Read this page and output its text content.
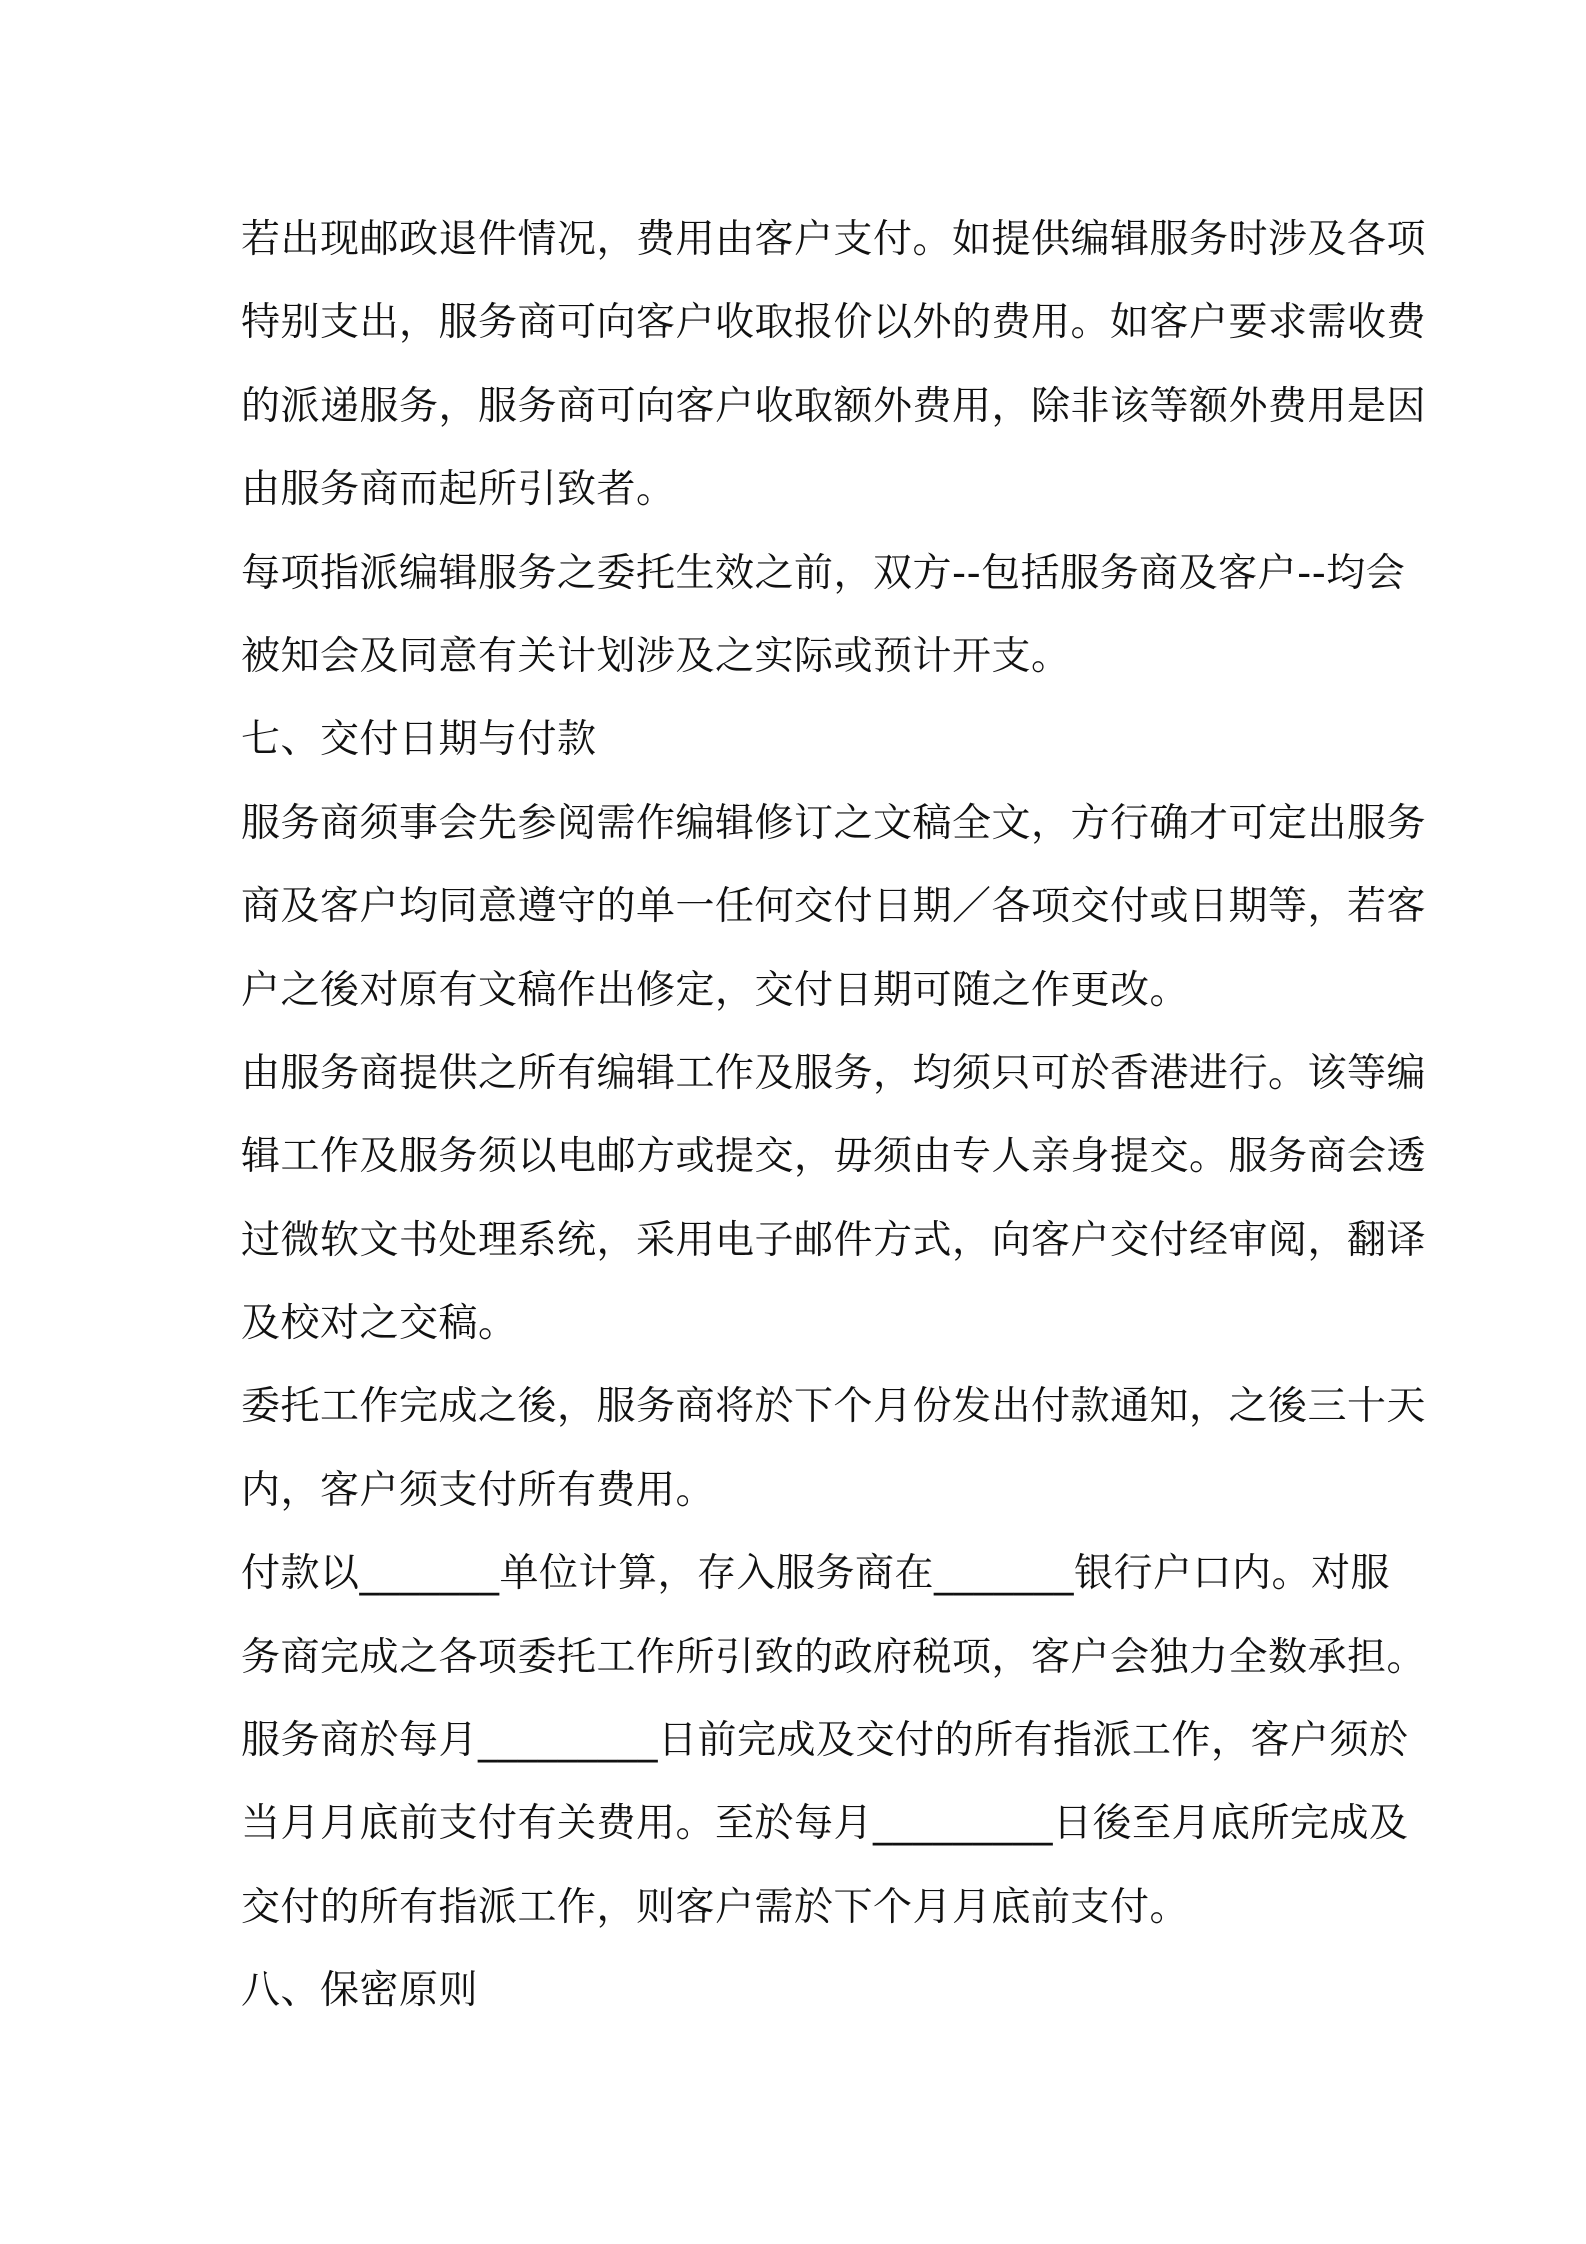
若出现邮政退件情况，费用由客户支付。如提供编辑服务时涉及各项
特别支出，服务商可向客户收取报价以外的费用。如客户要求需收费
的派递服务，服务商可向客户收取额外费用，除非该等额外费用是因
由服务商而起所引致者。
每项指派编辑服务之委托生效之前，双方--包括服务商及客户--均会
被知会及同意有关计划涉及之实际或预计开支。
七、交付日期与付款
服务商须事会先参阅需作编辑修订之文稿全文，方行确才可定出服务
商及客户均同意遵守的单一任何交付日期／各项交付或日期等，若客
户之後对原有文稿作出修定，交付日期可随之作更改。
由服务商提供之所有编辑工作及服务，均须只可於香港进行。该等编
辑工作及服务须以电邮方或提交，毋须由专人亲身提交。服务商会透
过微软文书处理系统，采用电子邮件方式，向客户交付经审阅，翻译
及校对之交稿。
委托工作完成之後，服务商将於下个月份发出付款通知，之後三十天
内，客户须支付所有费用。
付款以_______单位计算，存入服务商在_______银行户口内。对服
务商完成之各项委托工作所引致的政府税项，客户会独力全数承担。
服务商於每月_________日前完成及交付的所有指派工作，客户须於
当月月底前支付有关费用。至於每月_________日後至月底所完成及
交付的所有指派工作，则客户需於下个月月底前支付。
八、保密原则
